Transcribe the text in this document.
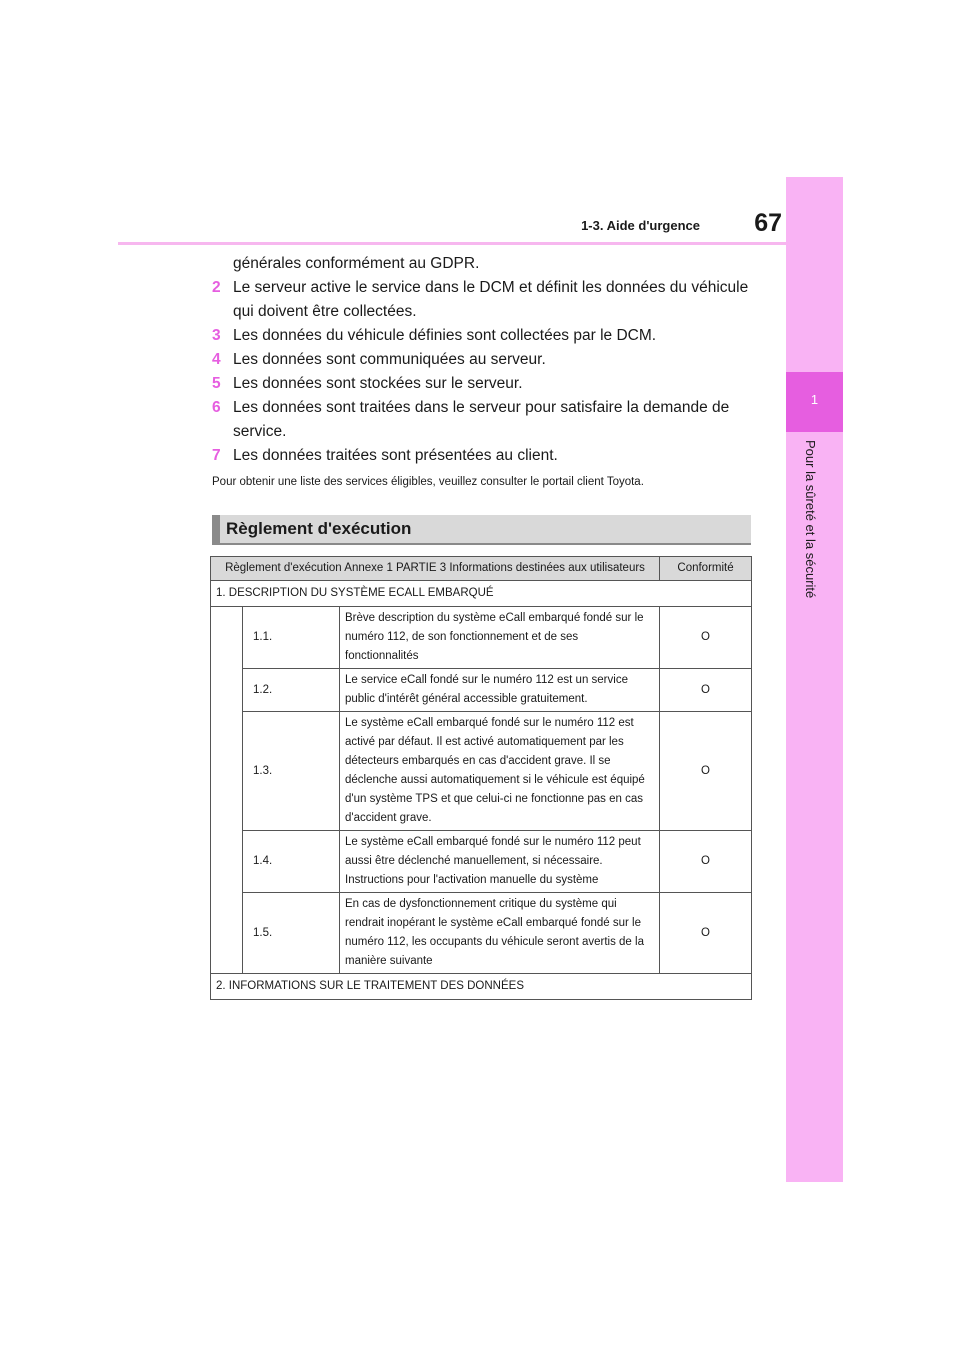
67
1-3. Aide d'urgence
1
Pour la sûreté et la sécurité

générales conformément au GDPR.

2 Le serveur active le service dans le DCM et définit les données du véhicule qui doivent être collectées.

3 Les données du véhicule définies sont collectées par le DCM.

4 Les données sont communiquées au serveur.

5 Les données sont stockées sur le serveur.

6 Les données sont traitées dans le serveur pour satisfaire la demande de service.

7 Les données traitées sont présentées au client.

Pour obtenir une liste des services éligibles, veuillez consulter le portail client Toyota.
Règlement d'exécution
Règlement d'exécution Annexe 1 PARTIE 3 Informations destinées aux utilisateurs			Conformité
1. DESCRIPTION DU SYSTÈME ECALL EMBARQUÉ			
	1.1.	Brève description du système eCall embarqué fondé sur le numéro 112, de son fonctionnement et de ses fonctionnalités	O
	1.2.	Le service eCall fondé sur le numéro 112 est un service public d'intérêt général accessible gratuitement.	O
	1.3.	Le système eCall embarqué fondé sur le numéro 112 est activé par défaut. Il est activé automatiquement par les détecteurs embarqués en cas d'accident grave. Il se déclenche aussi automatiquement si le véhicule est équipé d'un système TPS et que celui-ci ne fonctionne pas en cas d'accident grave.	O
	1.4.	Le système eCall embarqué fondé sur le numéro 112 peut aussi être déclenché manuellement, si nécessaire. Instructions pour l'activation manuelle du système	O
	1.5.	En cas de dysfonctionnement critique du système qui rendrait inopérant le système eCall embarqué fondé sur le numéro 112, les occupants du véhicule seront avertis de la manière suivante	O
2. INFORMATIONS SUR LE TRAITEMENT DES DONNÉES			
